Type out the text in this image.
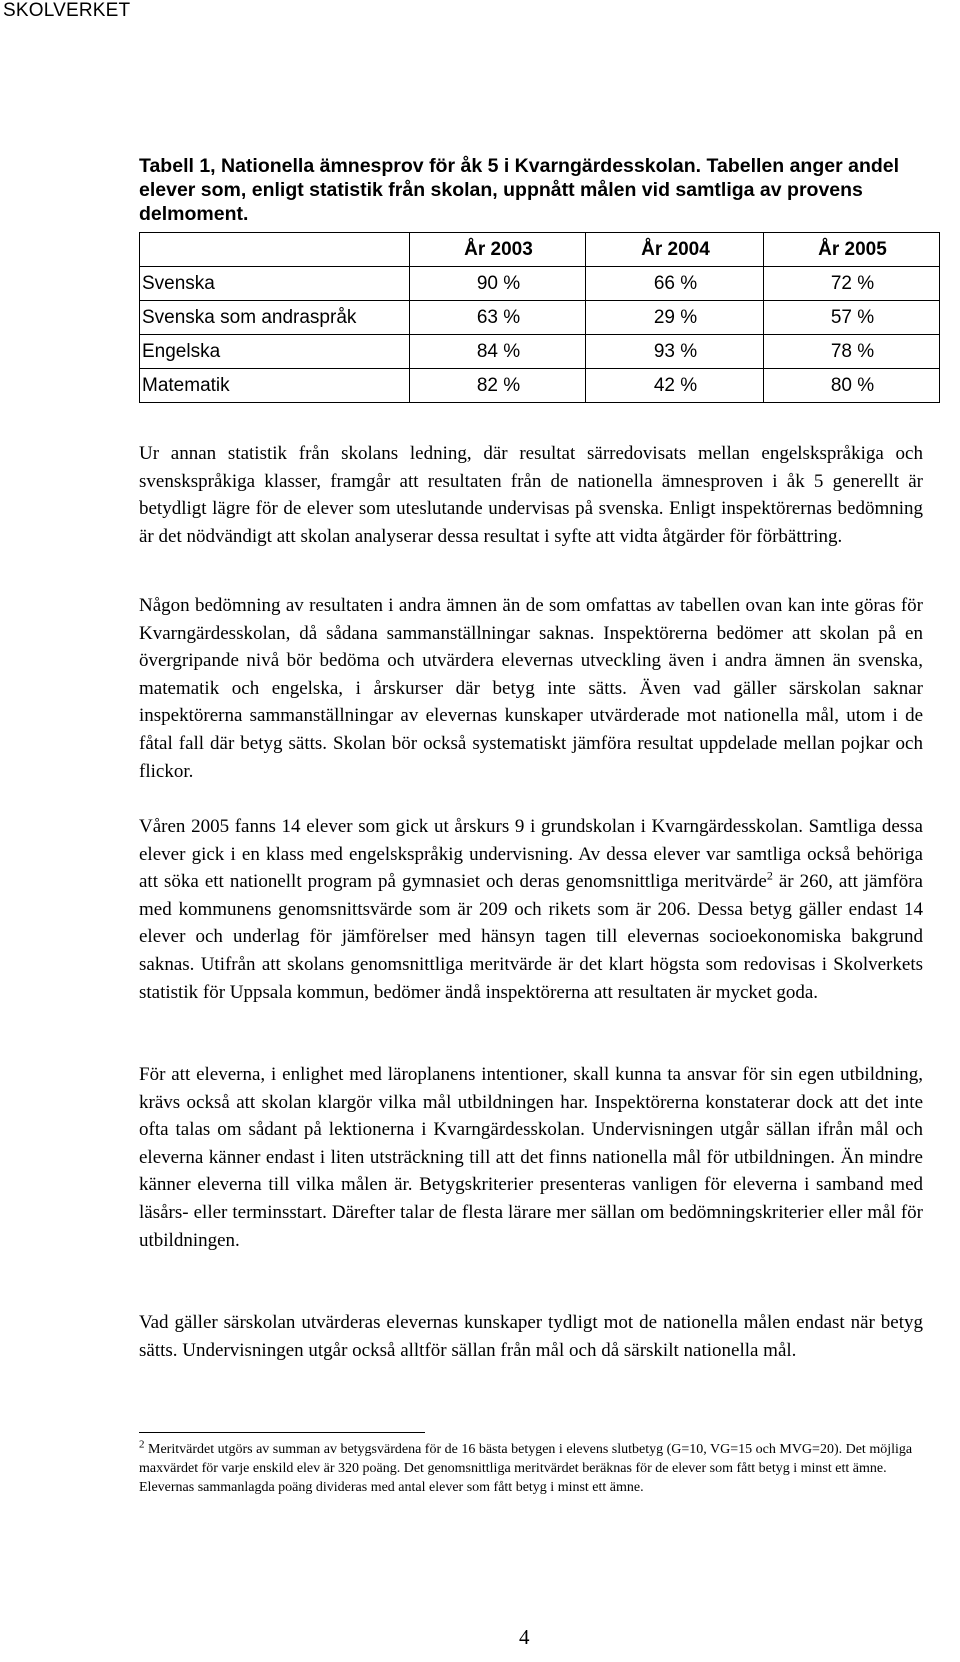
SKOLVERKET
Tabell 1, Nationella ämnesprov för åk 5 i Kvarngärdesskolan. Tabellen anger andel elever som, enligt statistik från skolan, uppnått målen vid samtliga av provens delmoment.
	År 2003	År 2004	År 2005
Svenska	90 %	66 %	72 %
Svenska som andraspråk	63 %	29 %	57 %
Engelska	84 %	93 %	78 %
Matematik	82 %	42 %	80 %

Ur annan statistik från skolans ledning, där resultat särredovisats mellan engelskspråkiga och svenskspråkiga klasser, framgår att resultaten från de nationella ämnesproven i åk 5 generellt är betydligt lägre för de elever som uteslutande undervisas på svenska. Enligt inspektörernas bedömning är det nödvändigt att skolan analyserar dessa resultat i syfte att vidta åtgärder för förbättring.

Någon bedömning av resultaten i andra ämnen än de som omfattas av tabellen ovan kan inte göras för Kvarngärdesskolan, då sådana sammanställningar saknas. Inspektörerna bedömer att skolan på en övergripande nivå bör bedöma och utvärdera elevernas utveckling även i andra ämnen än svenska, matematik och engelska, i årskurser där betyg inte sätts. Även vad gäller särskolan saknar inspektörerna sammanställningar av elevernas kunskaper utvärderade mot nationella mål, utom i de fåtal fall där betyg sätts. Skolan bör också systematiskt jämföra resultat uppdelade mellan pojkar och flickor.

Våren 2005 fanns 14 elever som gick ut årskurs 9 i grundskolan i Kvarngärdesskolan. Samtliga dessa elever gick i en klass med engelskspråkig undervisning. Av dessa elever var samtliga också behöriga att söka ett nationellt program på gymnasiet och deras genomsnittliga meritvärde$^2$ är 260, att jämföra med kommunens genomsnittsvärde som är 209 och rikets som är 206. Dessa betyg gäller endast 14 elever och underlag för jämförelser med hänsyn tagen till elevernas socioekonomiska bakgrund saknas. Utifrån att skolans genomsnittliga meritvärde är det klart högsta som redovisas i Skolverkets statistik för Uppsala kommun, bedömer ändå inspektörerna att resultaten är mycket goda.

För att eleverna, i enlighet med läroplanens intentioner, skall kunna ta ansvar för sin egen utbildning, krävs också att skolan klargör vilka mål utbildningen har. Inspektörerna konstaterar dock att det inte ofta talas om sådant på lektionerna i Kvarngärdesskolan. Undervisningen utgår sällan ifrån mål och eleverna känner endast i liten utsträckning till att det finns nationella mål för utbildningen. Än mindre känner eleverna till vilka målen är. Betygskriterier presenteras vanligen för eleverna i samband med läsårs- eller terminsstart. Därefter talar de flesta lärare mer sällan om bedömningskriterier eller mål för utbildningen.

Vad gäller särskolan utvärderas elevernas kunskaper tydligt mot de nationella målen endast när betyg sätts. Undervisningen utgår också alltför sällan från mål och då särskilt nationella mål.

$^2$ Meritvärdet utgörs av summan av betygsvärdena för de 16 bästa betygen i elevens slutbetyg (G=10, VG=15 och MVG=20). Det möjliga maxvärdet för varje enskild elev är 320 poäng. Det genomsnittliga meritvärdet beräknas för de elever som fått betyg i minst ett ämne. Elevernas sammanlagda poäng divideras med antal elever som fått betyg i minst ett ämne.

4
